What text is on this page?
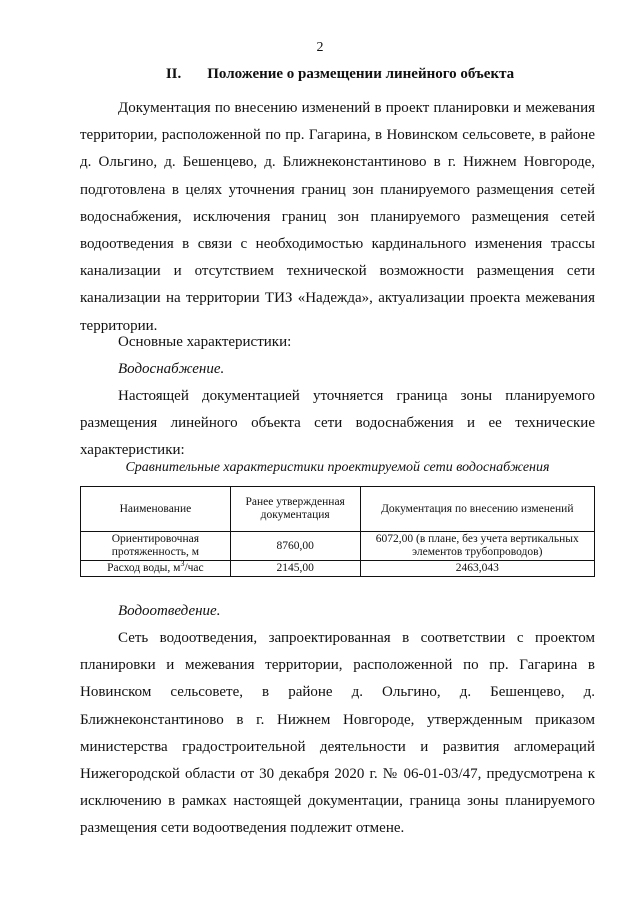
2
II. Положение о размещении линейного объекта

Документация по внесению изменений в проект планировки и межевания территории, расположенной по пр. Гагарина, в Новинском сельсовете, в районе д. Ольгино, д. Бешенцево, д. Ближнеконстантиново в г. Нижнем Новгороде, подготовлена в целях уточнения границ зон планируемого размещения сетей водоснабжения, исключения границ зон планируемого размещения сетей водоотведения в связи с необходимостью кардинального изменения трассы канализации и отсутствием технической возможности размещения сети канализации на территории ТИЗ «Надежда», актуализации проекта межевания территории.

Основные характеристики:

Водоснабжение.

Настоящей документацией уточняется граница зоны планируемого размещения линейного объекта сети водоснабжения и ее технические характеристики:

Сравнительные характеристики проектируемой сети водоснабжения
Наименование	Ранее утвержденная документация	Документация по внесению изменений
Ориентировочная протяженность, м	8760,00	6072,00 (в плане, без учета вертикальных элементов трубопроводов)
Расход воды, $м^3$/час	2145,00	2463,043

Водоотведение.

Сеть водоотведения, запроектированная в соответствии с проектом планировки и межевания территории, расположенной по пр. Гагарина в Новинском сельсовете, в районе д. Ольгино, д. Бешенцево, д. Ближнеконстантиново в г. Нижнем Новгороде, утвержденным приказом министерства градостроительной деятельности и развития агломераций Нижегородской области от 30 декабря 2020 г. № 06-01-03/47, предусмотрена к исключению в рамках настоящей документации, граница зоны планируемого размещения сети водоотведения подлежит отмене.
